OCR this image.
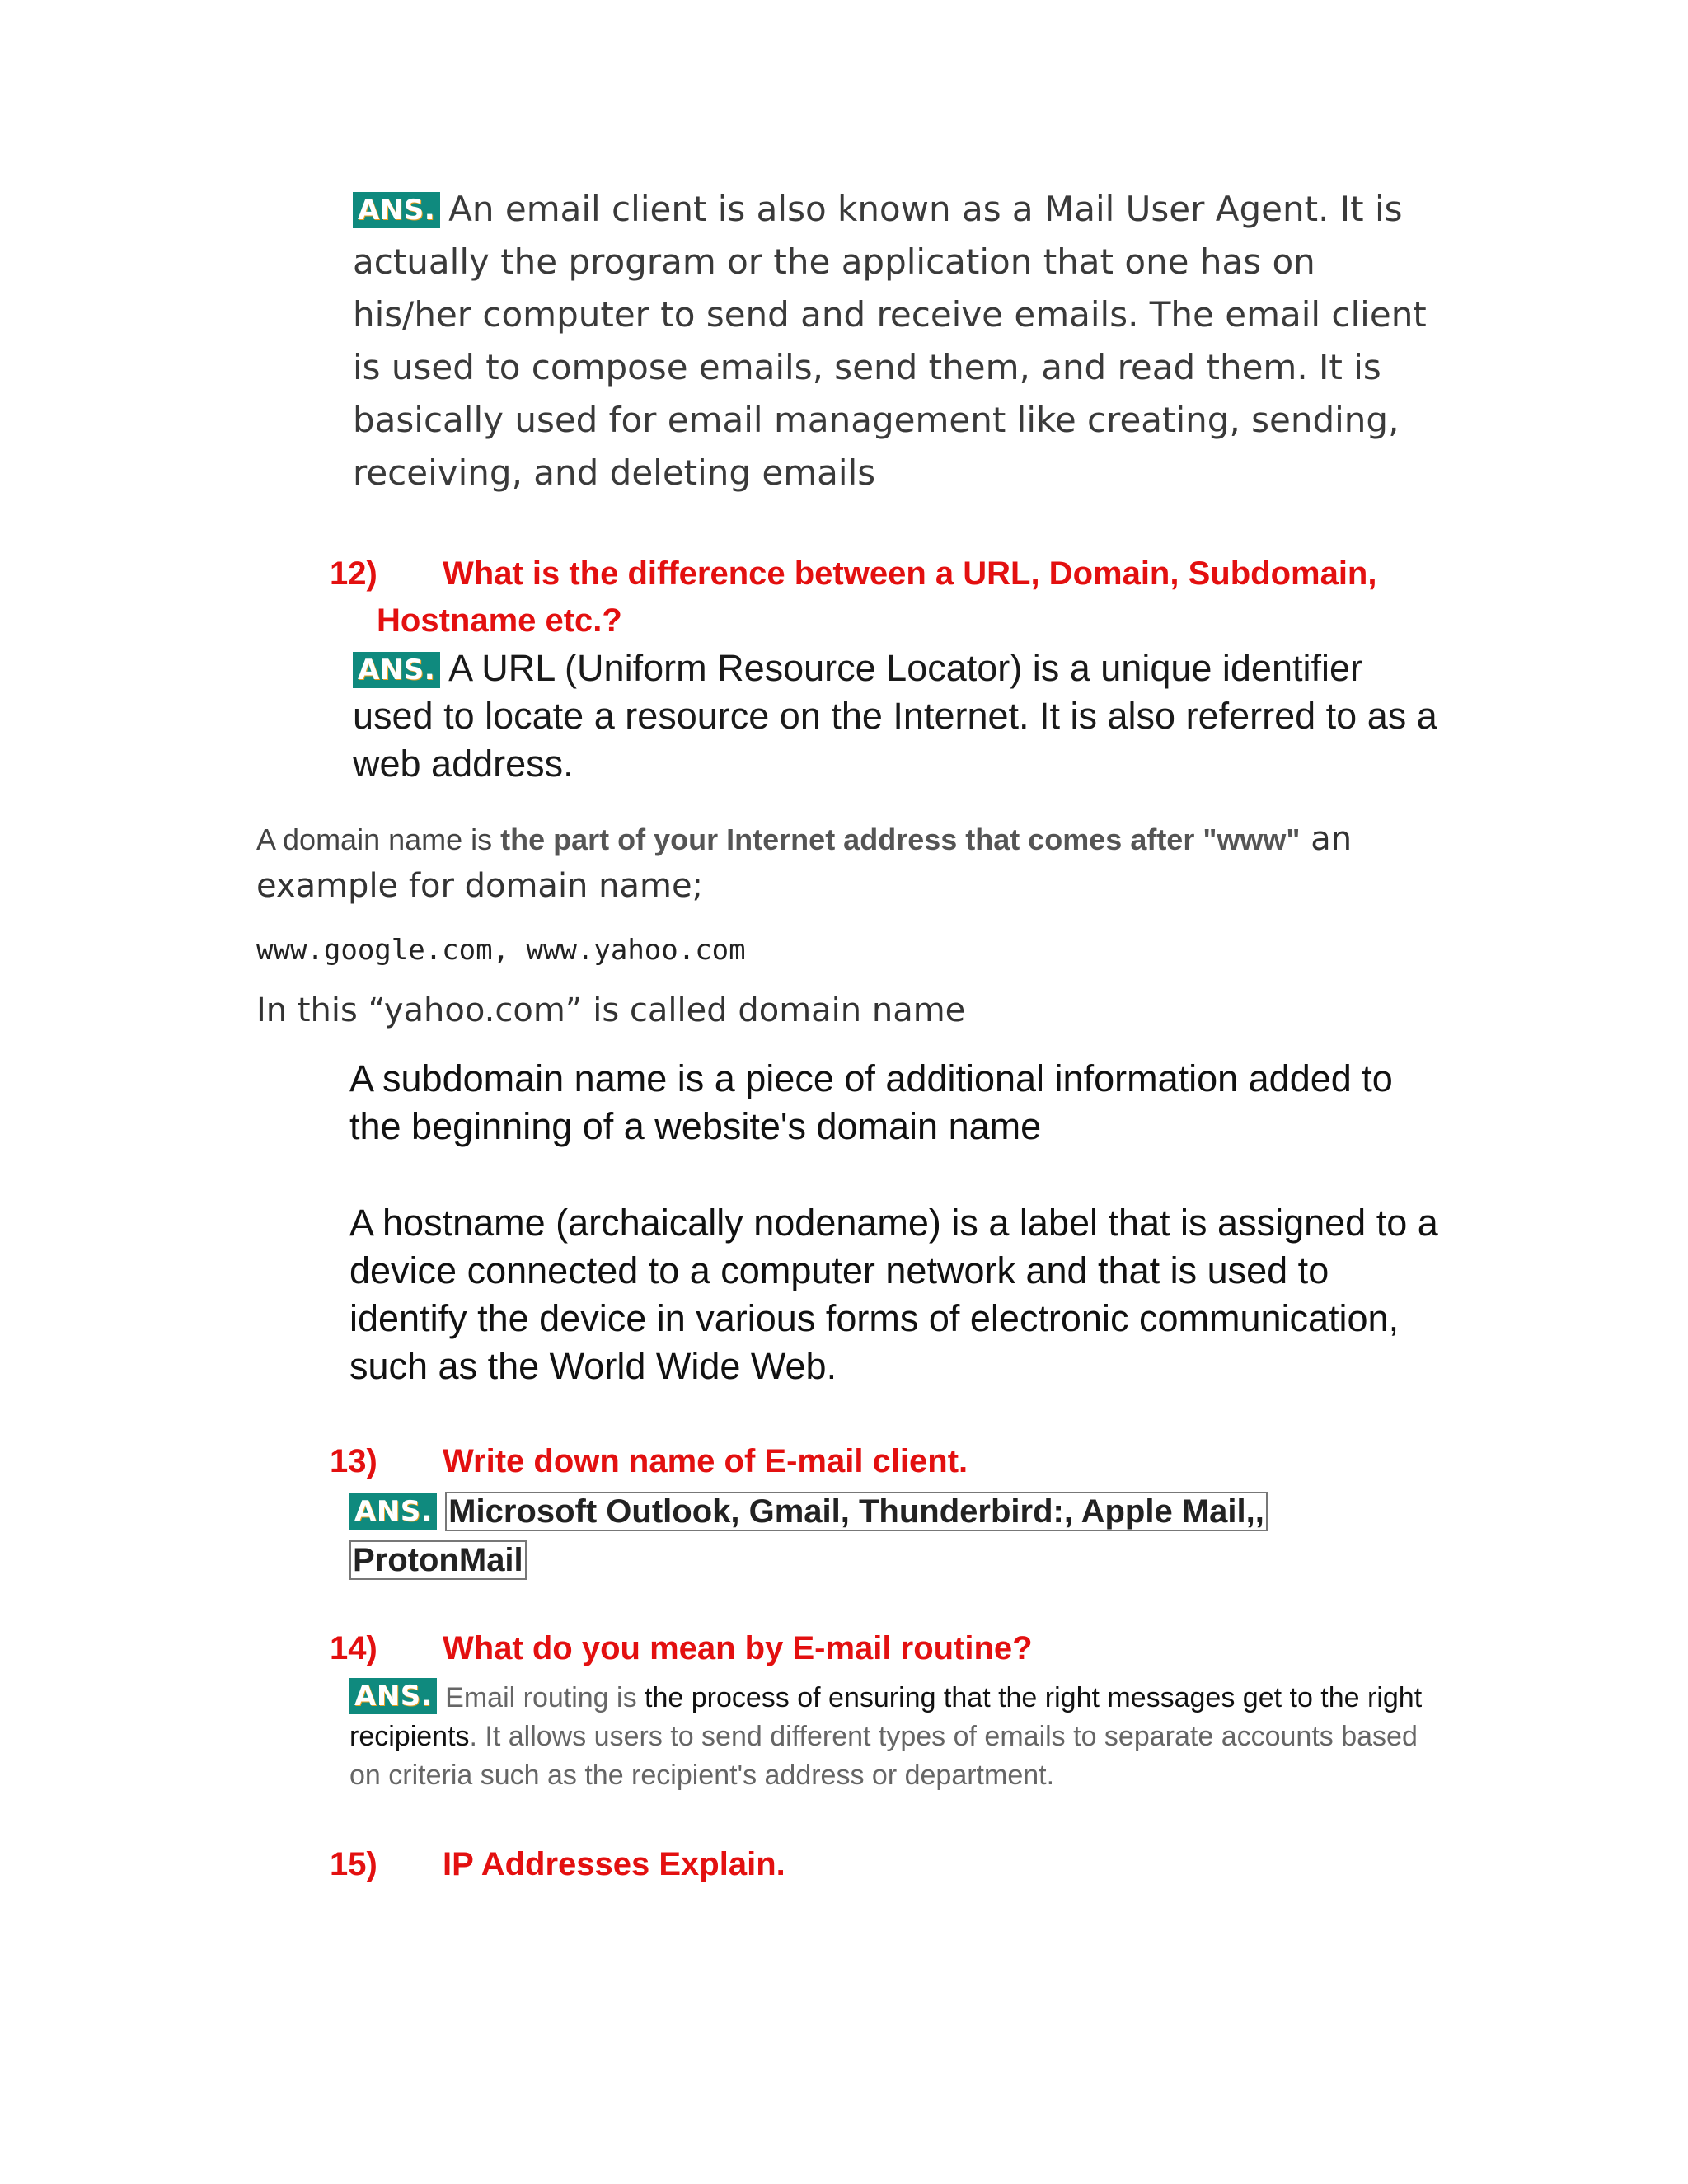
ANS. An email client is also known as a Mail User Agent. It is actually the program or the application that one has on his/her computer to send and receive emails. The email client is used to compose emails, send them, and read them. It is basically used for email management like creating, sending, receiving, and deleting emails
12) What is the difference between a URL, Domain, Subdomain,
Hostname etc.?
ANS. A URL (Uniform Resource Locator) is a unique identifier used to locate a resource on the Internet. It is also referred to as a web address.
A domain name is the part of your Internet address that comes after "www" an
example for domain name;
www.google.com, www.yahoo.com
In this “yahoo.com” is called domain name
A subdomain name is a piece of additional information added to the beginning of a website's domain name
A hostname (archaically nodename) is a label that is assigned to a device connected to a computer network and that is used to identify the device in various forms of electronic communication, such as the World Wide Web.
13) Write down name of E-mail client.
ANS. Microsoft Outlook, Gmail, Thunderbird:, Apple Mail,,
ProtonMail
14) What do you mean by E-mail routine?
ANS. Email routing is the process of ensuring that the right messages get to the right recipients. It allows users to send different types of emails to separate accounts based on criteria such as the recipient's address or department.
15) IP Addresses Explain.
